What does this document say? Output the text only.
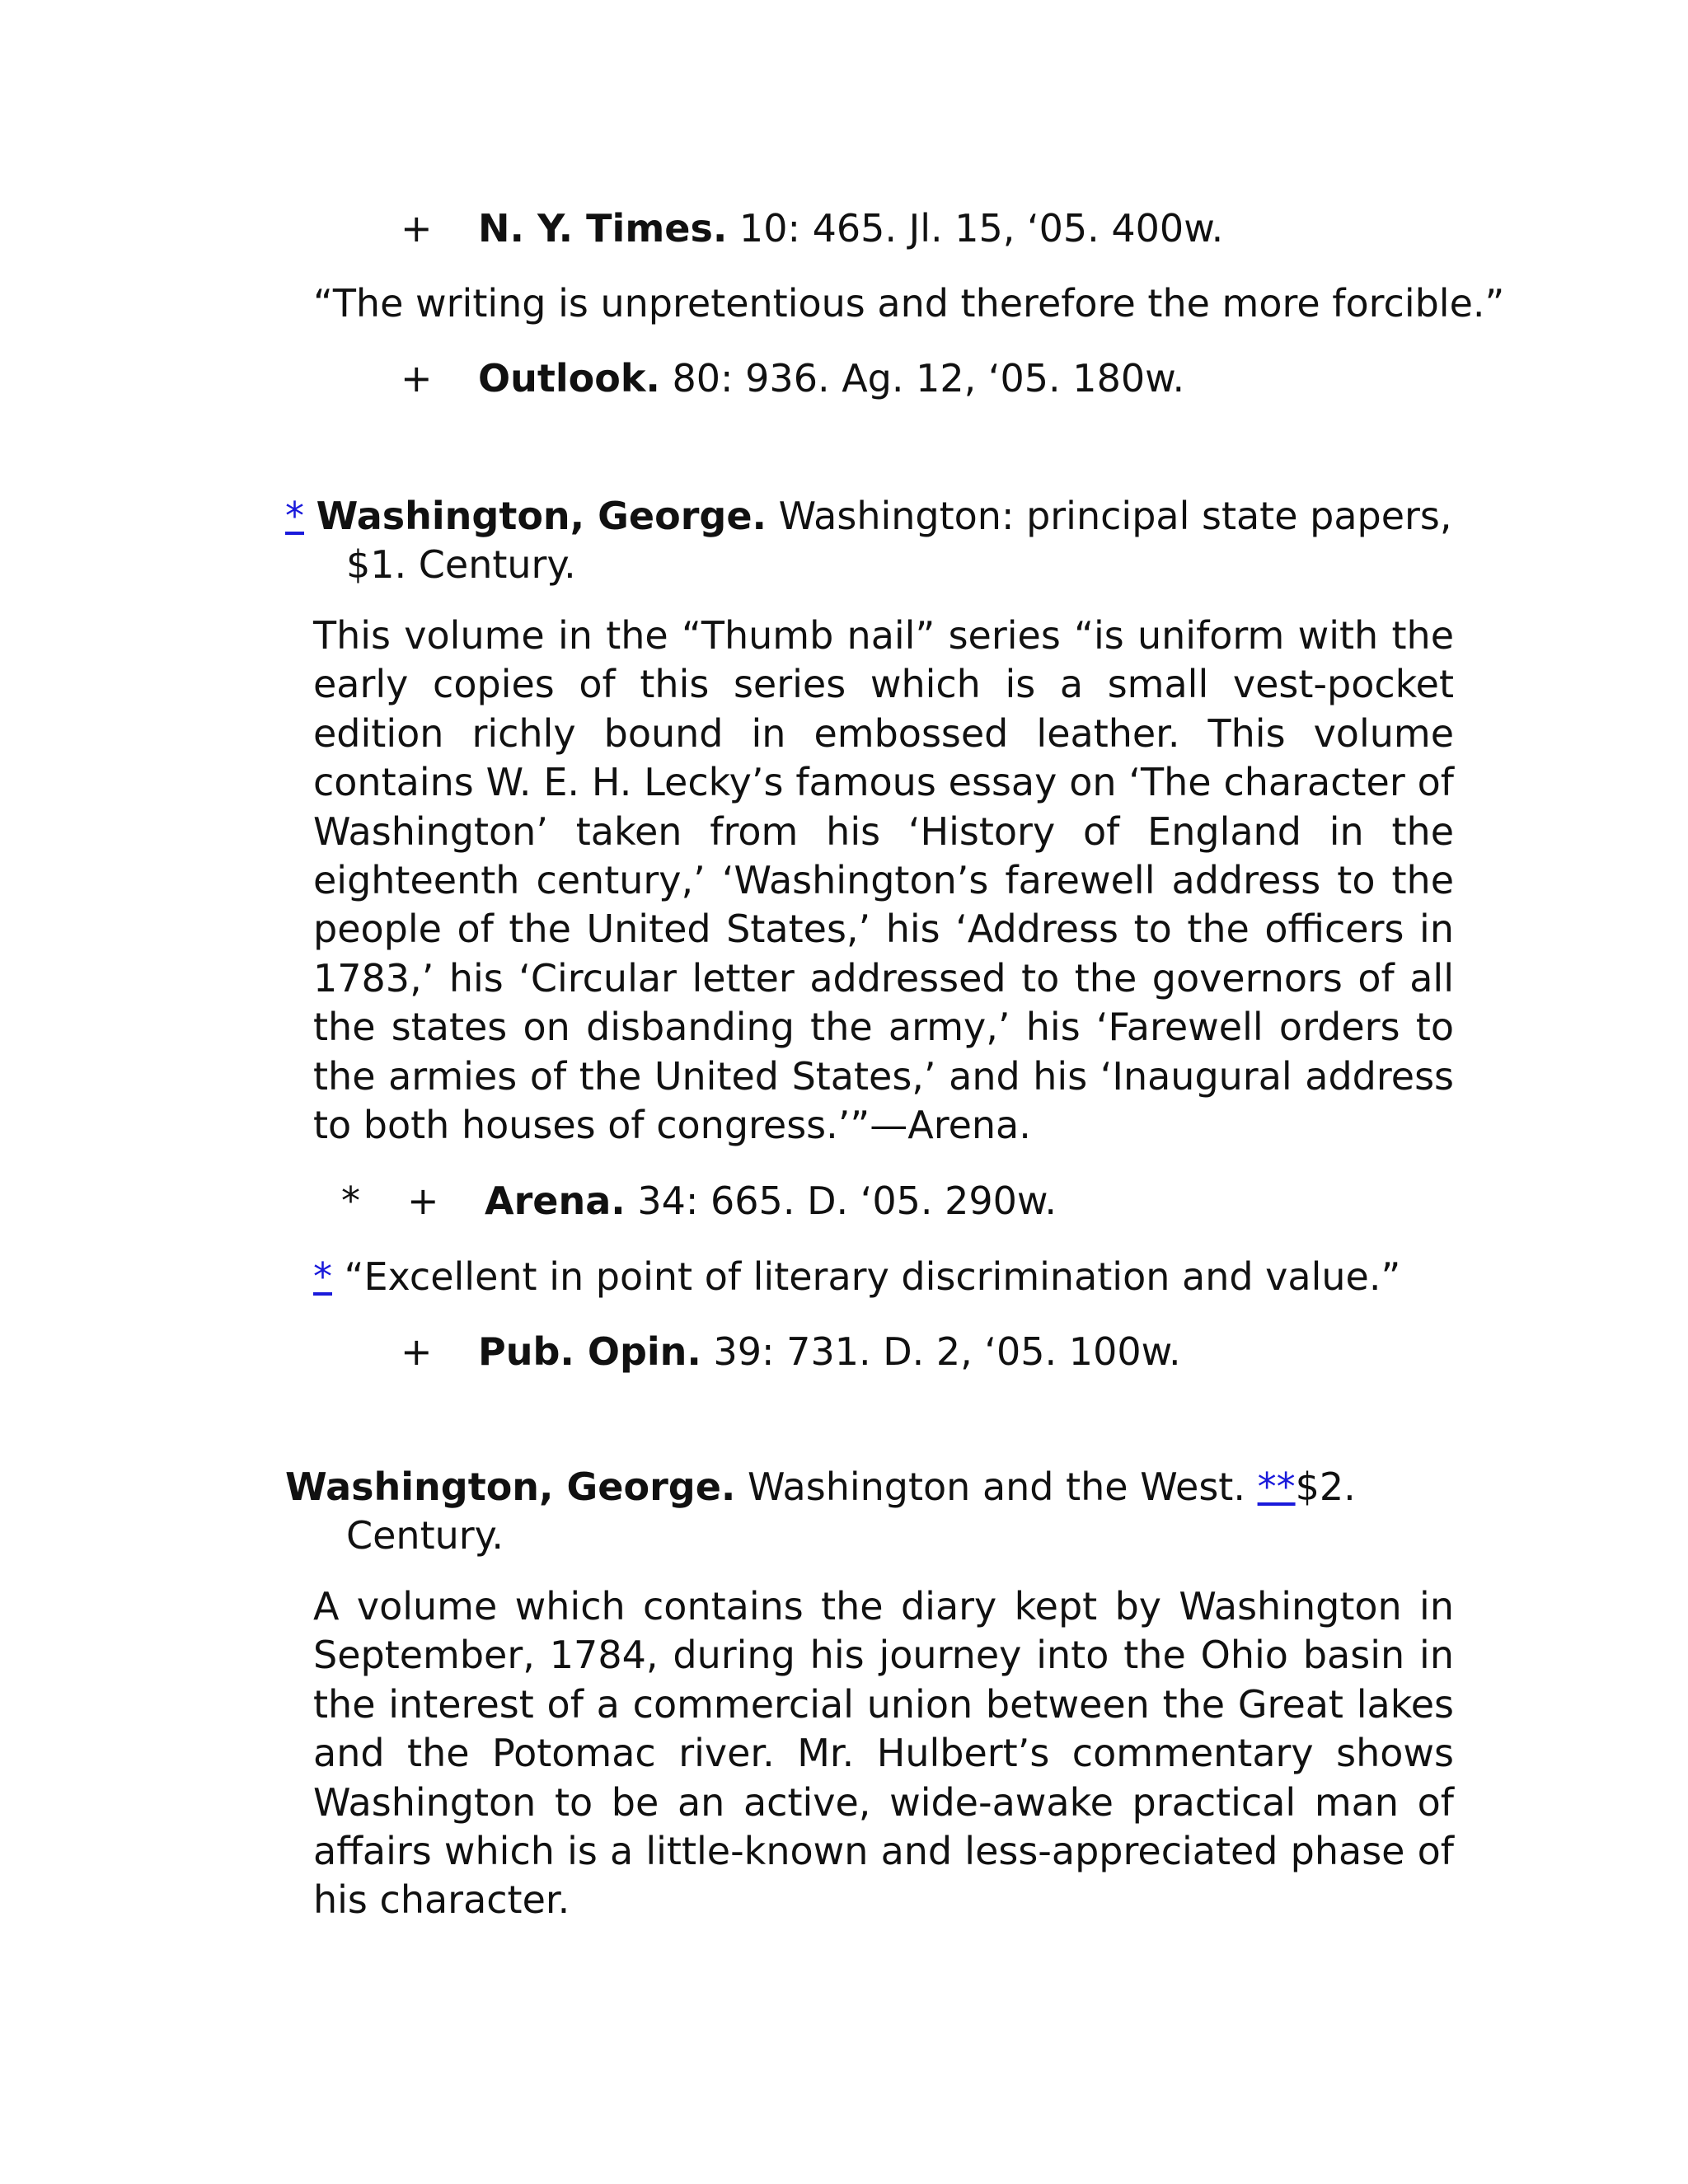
+ N. Y. Times. 10: 465. Jl. 15, ‘05. 400w.
“The writing is unpretentious and therefore the more forcible.”
+ Outlook. 80: 936. Ag. 12, ‘05. 180w.
* Washington, George. Washington: principal state papers,
$1. Century.
This volume in the “Thumb nail” series “is uniform with the early copies of this series which is a small vest-pocket edition richly bound in embossed leather. This volume contains W. E. H. Lecky’s famous essay on ‘The character of Washington’ taken from his ‘History of England in the eighteenth century,’ ‘Washington’s farewell address to the people of the United States,’ his ‘Address to the officers in 1783,’ his ‘Circular letter addressed to the governors of all the states on disbanding the army,’ his ‘Farewell orders to the armies of the United States,’ and his ‘Inaugural address to both houses of congress.’”—Arena.
* + Arena. 34: 665. D. ‘05. 290w.
* “Excellent in point of literary discrimination and value.”
+ Pub. Opin. 39: 731. D. 2, ‘05. 100w.
Washington, George. Washington and the West. **$2.
Century.
A volume which contains the diary kept by Washington in September, 1784, during his journey into the Ohio basin in the interest of a commercial union between the Great lakes and the Potomac river. Mr. Hulbert’s commentary shows Washington to be an active, wide-awake practical man of affairs which is a little-known and less-appreciated phase of his character.
